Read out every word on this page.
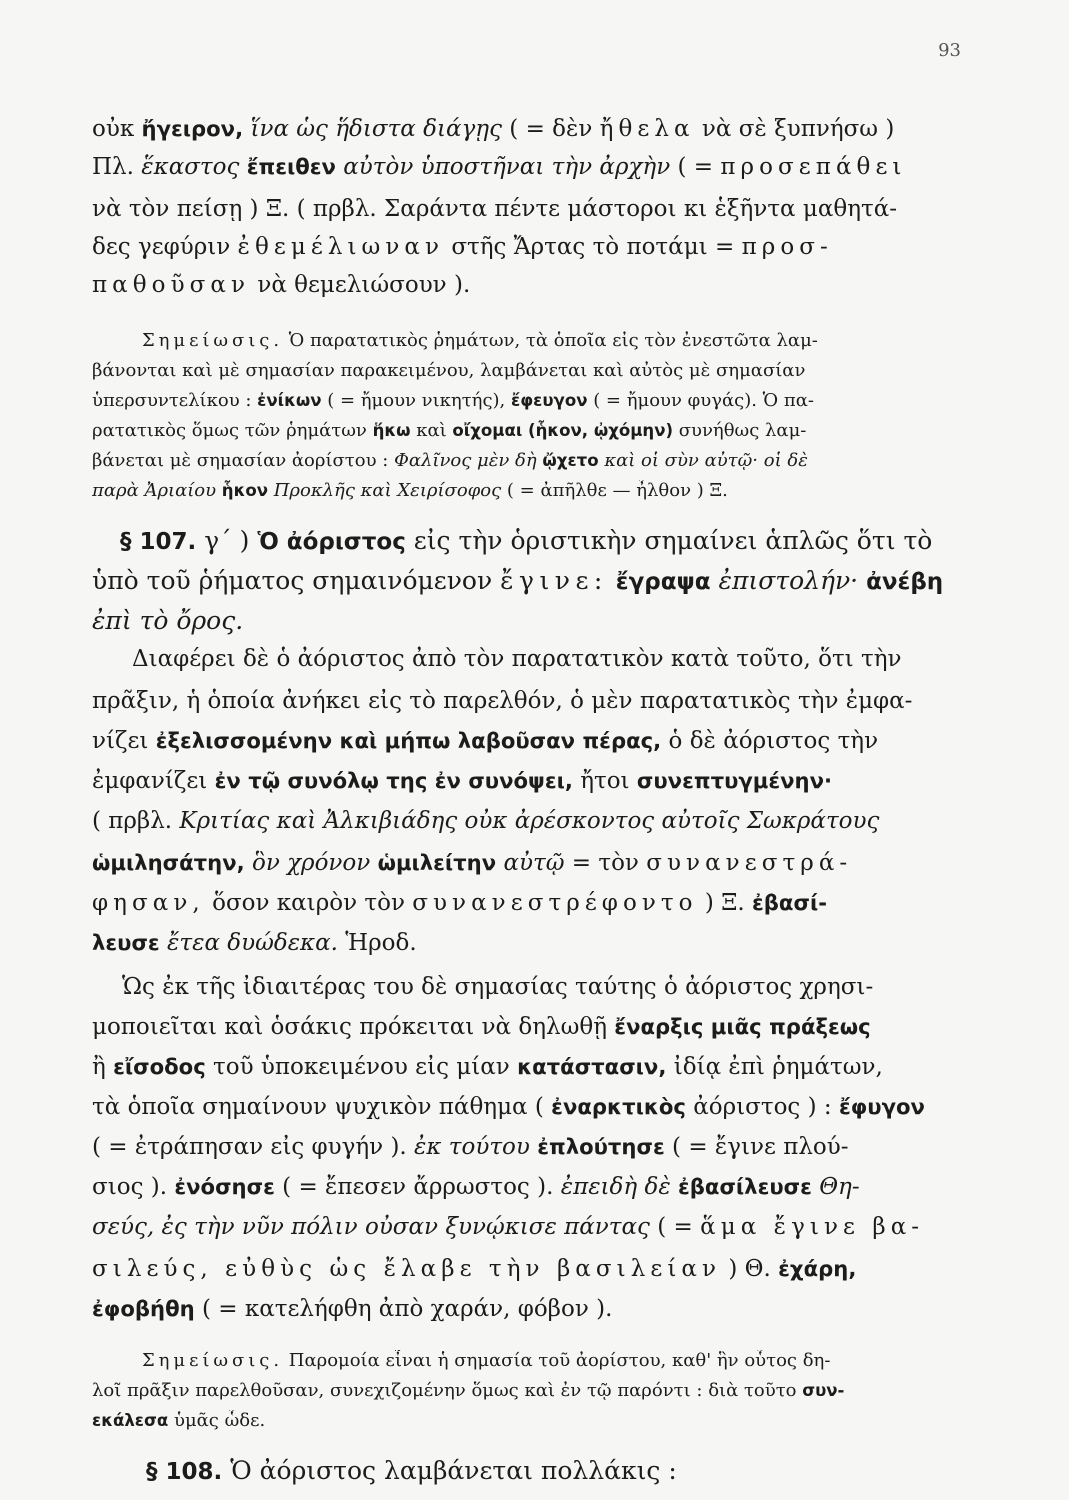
93
οὐκ ἤγειρον, ἵνα ὡς ἥδιστα διάγῃς ( = δὲν ἤθελα νὰ σὲ ξυπνήσω )
Πλ. ἕκαστος ἔπειθεν αὐτὸν ὑποστῆναι τὴν ἀρχὴν ( = προσεπάθει
νὰ τὸν πείσῃ ) Ξ. ( πρβλ. Σαράντα πέντε μάστοροι κι ἑξῆντα μαθητά-
δες γεφύριν ἐθεμέλιωναν στῆς Ἄρτας τὸ ποτάμι = προσ-
παθοῦσαν νὰ θεμελιώσουν ).
Σημείωσις. Ὁ παρατατικὸς ῥημάτων, τὰ ὁποῖα εἰς τὸν ἐνεστῶτα λαμ-
βάνονται καὶ μὲ σημασίαν παρακειμένου, λαμβάνεται καὶ αὐτὸς μὲ σημασίαν
ὑπερσυντελίκου : ἐνίκων ( = ἤμουν νικητής), ἔφευγον ( = ἤμουν φυγάς). Ὁ πα-
ρατατικὸς ὅμως τῶν ῥημάτων ἥκω καὶ οἴχομαι (ἧκον, ᾠχόμην) συνήθως λαμ-
βάνεται μὲ σημασίαν ἀορίστου : Φαλῖνος μὲν δὴ ᾤχετο καὶ οἱ σὺν αὐτῷ· οἱ δὲ
παρὰ Ἀριαίου ἧκον Προκλῆς καὶ Χειρίσοφος ( = ἀπῆλθε — ἦλθον ) Ξ.
§ 107. γ΄ ) Ὁ ἀόριστος εἰς τὴν ὁριστικὴν σημαίνει ἁπλῶς ὅτι τὸ
ὑπὸ τοῦ ῥήματος σημαινόμενον ἔγινε: ἔγραψα ἐπιστολήν· ἀνέβη
ἐπὶ τὸ ὄρος.
Διαφέρει δὲ ὁ ἀόριστος ἀπὸ τὸν παρατατικὸν κατὰ τοῦτο, ὅτι τὴν
πρᾶξιν, ἡ ὁποία ἀνήκει εἰς τὸ παρελθόν, ὁ μὲν παρατατικὸς τὴν ἐμφα-
νίζει ἐξελισσομένην καὶ μήπω λαβοῦσαν πέρας, ὁ δὲ ἀόριστος τὴν
ἐμφανίζει ἐν τῷ συνόλῳ της ἐν συνόψει, ἤτοι συνεπτυγμένην·
( πρβλ. Κριτίας καὶ Ἀλκιβιάδης οὐκ ἀρέσκοντος αὐτοῖς Σωκράτους
ὡμιλησάτην, ὃν χρόνον ὡμιλείτην αὐτῷ = τὸν συνανεστρά-
φησαν, ὅσον καιρὸν τὸν συνανεστρέφοντο ) Ξ. ἐβασί-
λευσε ἔτεα δυώδεκα. Ἡροδ.
Ὡς ἐκ τῆς ἰδιαιτέρας του δὲ σημασίας ταύτης ὁ ἀόριστος χρησι-
μοποιεῖται καὶ ὁσάκις πρόκειται νὰ δηλωθῇ ἔναρξις μιᾶς πράξεως
ἢ εἴσοδος τοῦ ὑποκειμένου εἰς μίαν κατάστασιν, ἰδίᾳ ἐπὶ ῥημάτων,
τὰ ὁποῖα σημαίνουν ψυχικὸν πάθημα ( ἐναρκτικὸς ἀόριστος ) : ἔφυγον
( = ἐτράπησαν εἰς φυγήν ). ἐκ τούτου ἐπλούτησε ( = ἔγινε πλού-
σιος ). ἐνόσησε ( = ἔπεσεν ἄρρωστος ). ἐπειδὴ δὲ ἐβασίλευσε Θη-
σεύς, ἐς τὴν νῦν πόλιν οὖσαν ξυνῴκισε πάντας ( = ἅμα ἔγινε βα-
σιλεύς, εὐθὺς ὡς ἔλαβε τὴν βασιλείαν ) Θ. ἐχάρη,
ἐφοβήθη ( = κατελήφθη ἀπὸ χαράν, φόβον ).
Σημείωσις. Παρομοία εἶναι ἡ σημασία τοῦ ἀορίστου, καθ' ἣν οὗτος δη-
λοῖ πρᾶξιν παρελθοῦσαν, συνεχιζομένην ὅμως καὶ ἐν τῷ παρόντι : διὰ τοῦτο συν-
εκάλεσα ὑμᾶς ὧδε.
§ 108. Ὁ ἀόριστος λαμβάνεται πολλάκις :
